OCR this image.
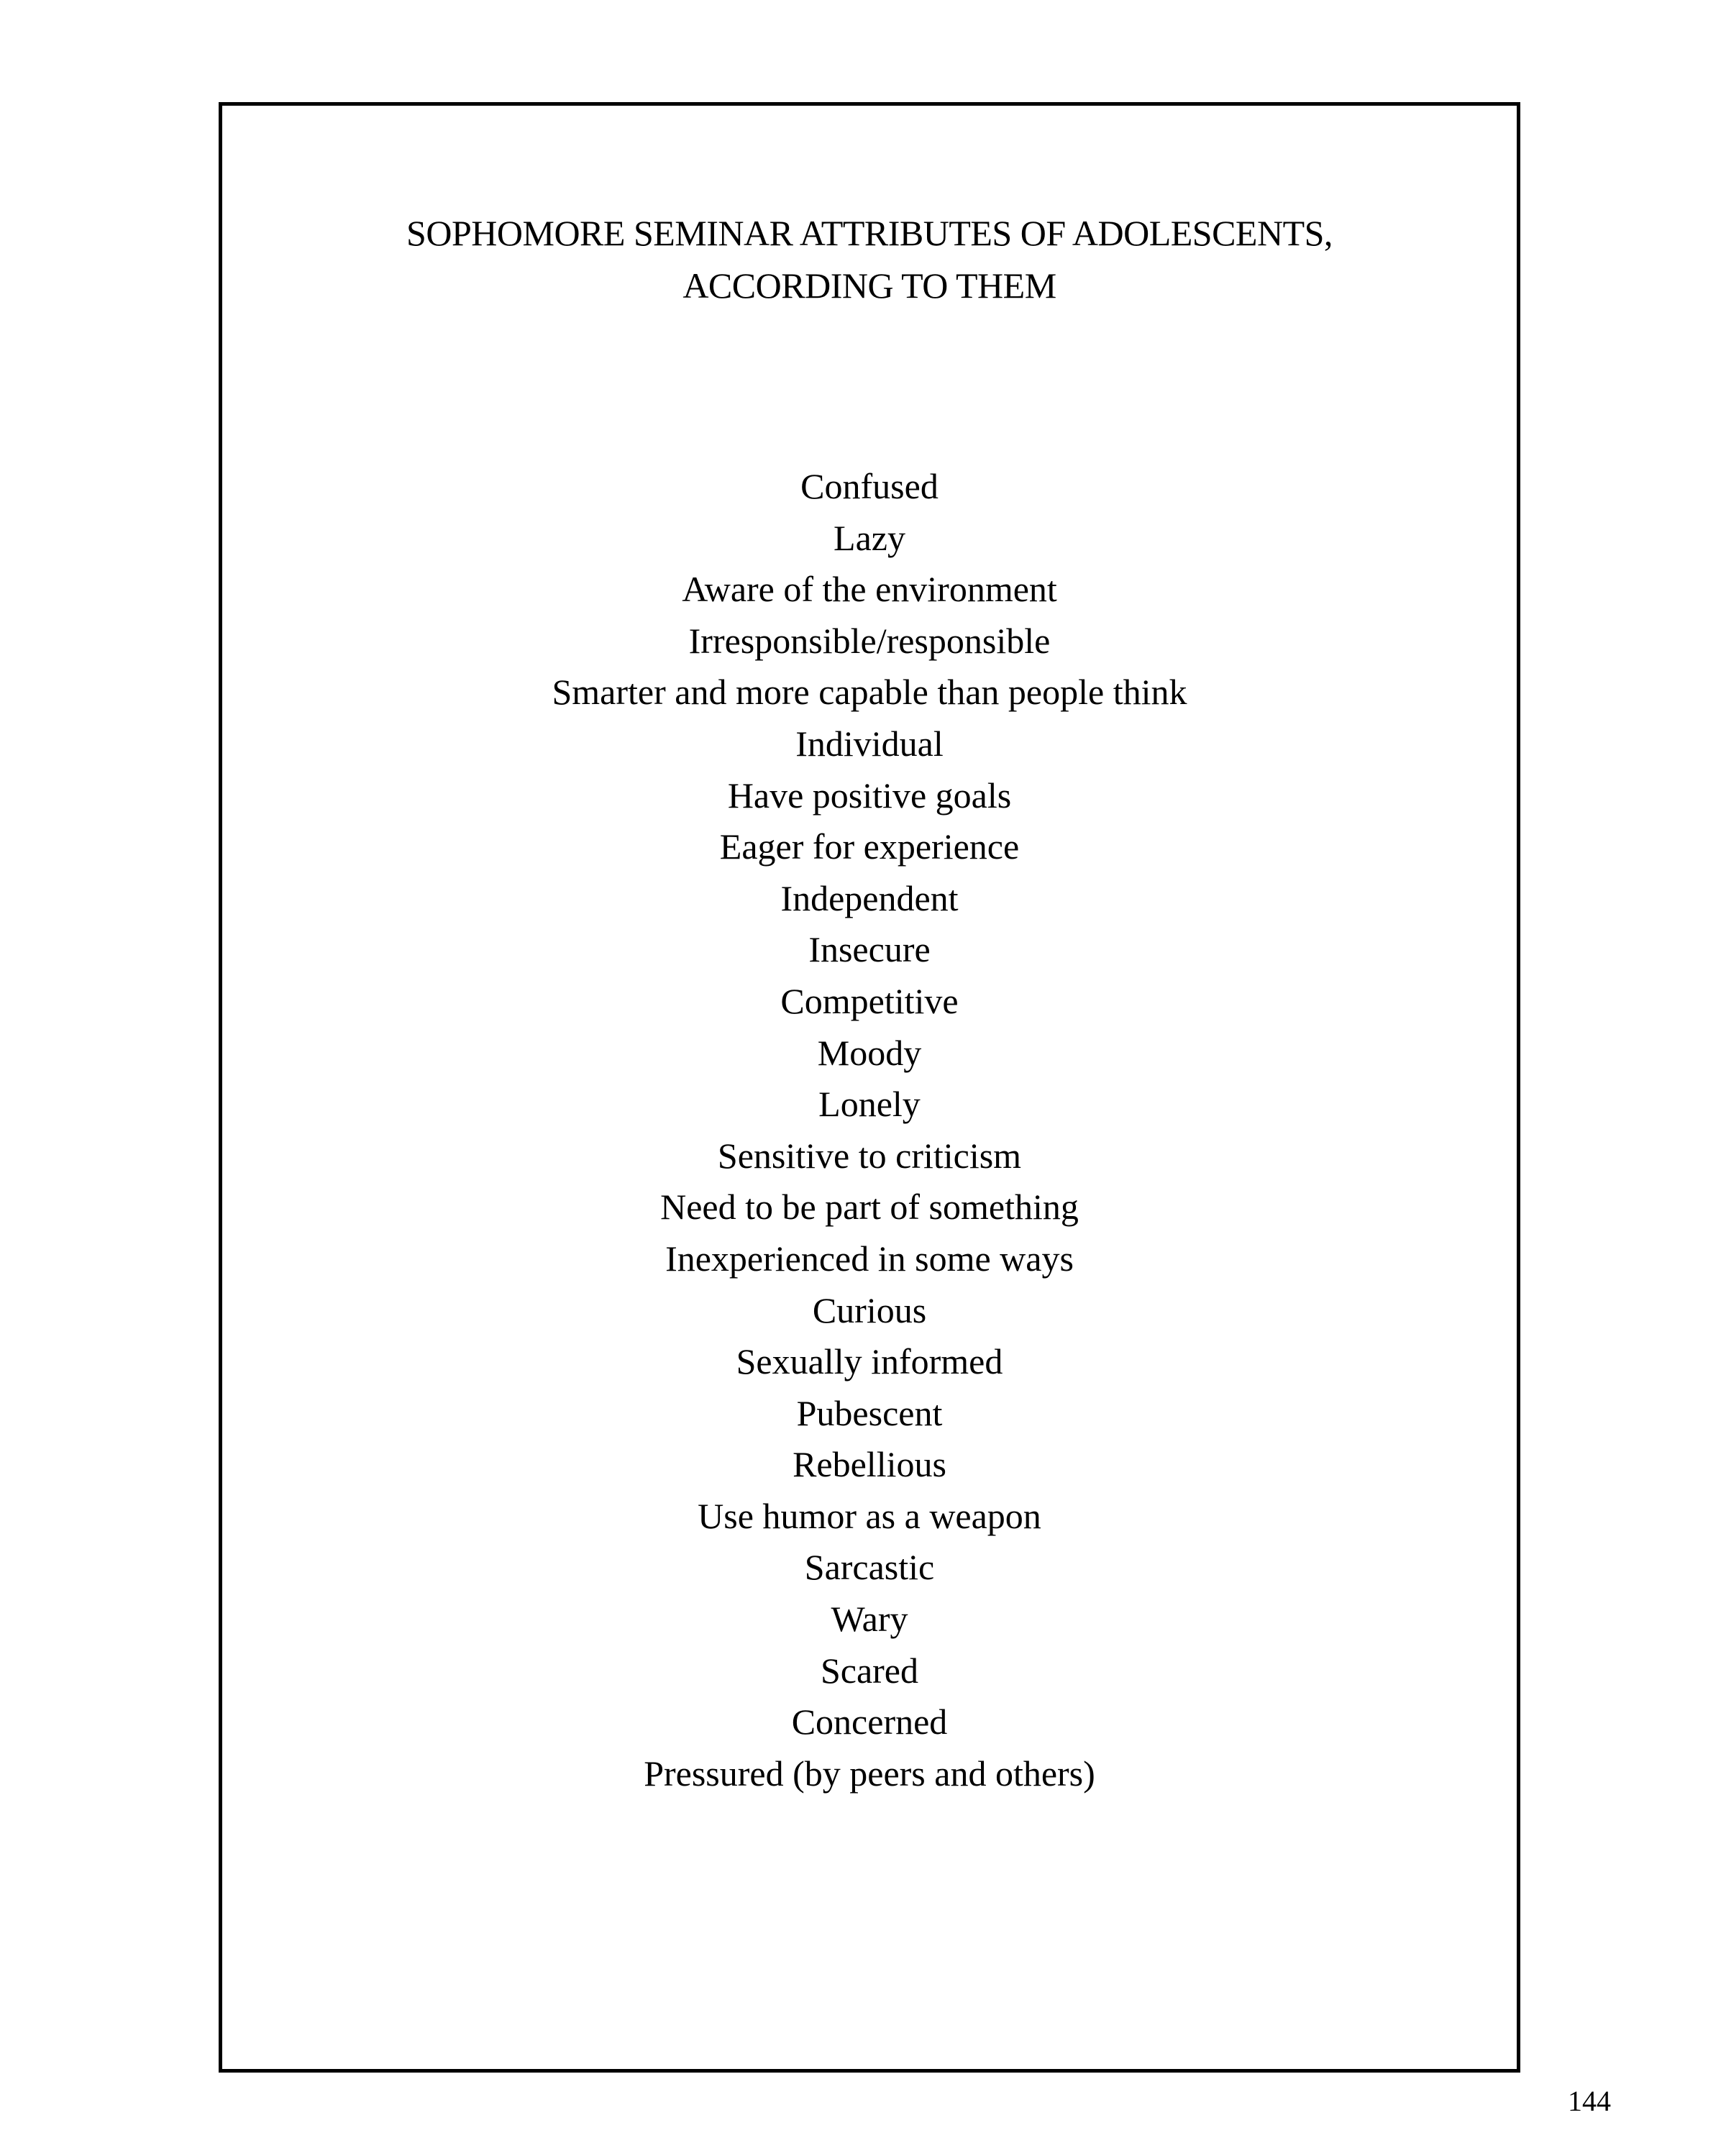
SOPHOMORE SEMINAR ATTRIBUTES OF ADOLESCENTS,
ACCORDING TO THEM
Confused
Lazy
Aware of the environment
Irresponsible/responsible
Smarter and more capable than people think
Individual
Have positive goals
Eager for experience
Independent
Insecure
Competitive
Moody
Lonely
Sensitive to criticism
Need to be part of something
Inexperienced in some ways
Curious
Sexually informed
Pubescent
Rebellious
Use humor as a weapon
Sarcastic
Wary
Scared
Concerned
Pressured (by peers and others)
144
